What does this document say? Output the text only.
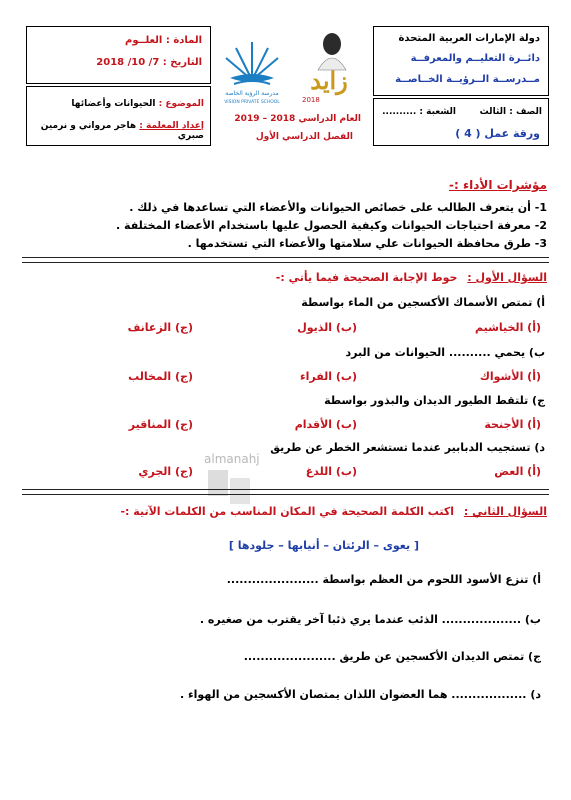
دولة الإمارات العربية المتحدة
دائــرة التعليــم والمعرفــة
مــدرســة الــرؤيــة الخــاصــة
الصف : الثالث
الشعبة : ..........
ورقة عمل ( 4 )
المادة : العلــوم
التاريخ : 7/ 10/ 2018
الموضوع : الحيوانات وأعضائها
إعداد المعلمة : هاجر مرواني و نرمين صبري
العام الدراسي 2018 – 2019
الفصل الدراسي الأول
مدرسة الرؤية الخاصة
VISION PRIVATE SCHOOL
زايد
2018
مؤشرات الأداء :-
1- أن يتعرف الطالب على خصائص الحيوانات والأعضاء التي تساعدها في ذلك .
2- معرفة احتياجات الحيوانات وكيفية الحصول عليها باستخدام الأعضاء المختلفة .
3- طرق محافظة الحيوانات علي سلامتها والأعضاء التي تستخدمها .
السؤال الأول : حوط الإجابة الصحيحة فيما يأتي :-
أ) تمتص الأسماك الأكسجين من الماء بواسطة
(أ) الخياشيم
(ب) الذيول
(ج) الزعانف
ب) يحمي .......... الحيوانات من البرد
(أ) الأشواك
(ب) الفراء
(ج) المخالب
ج) تلتقط الطيور الديدان والبذور بواسطة
(أ) الأجنحة
(ب) الأقدام
(ج) المناقير
د) تستجيب الدبابير عندما تستشعر الخطر عن طريق
(أ) العض
(ب) اللدغ
(ج) الجري
almanahj
السؤال الثاني : اكتب الكلمة الصحيحة في المكان المناسب من الكلمات الآتية :-
[ يعوى – الرئتان – أنيابها – جلودها ]
أ) تنزع الأسود اللحوم من العظم بواسطة ......................
ب) ................... الذئب عندما يري ذئبا آخر يقترب من صغيره .
ج) تمتص الديدان الأكسجين عن طريق ......................
د) .................. هما العضوان اللذان يمتصان الأكسجين من الهواء .
